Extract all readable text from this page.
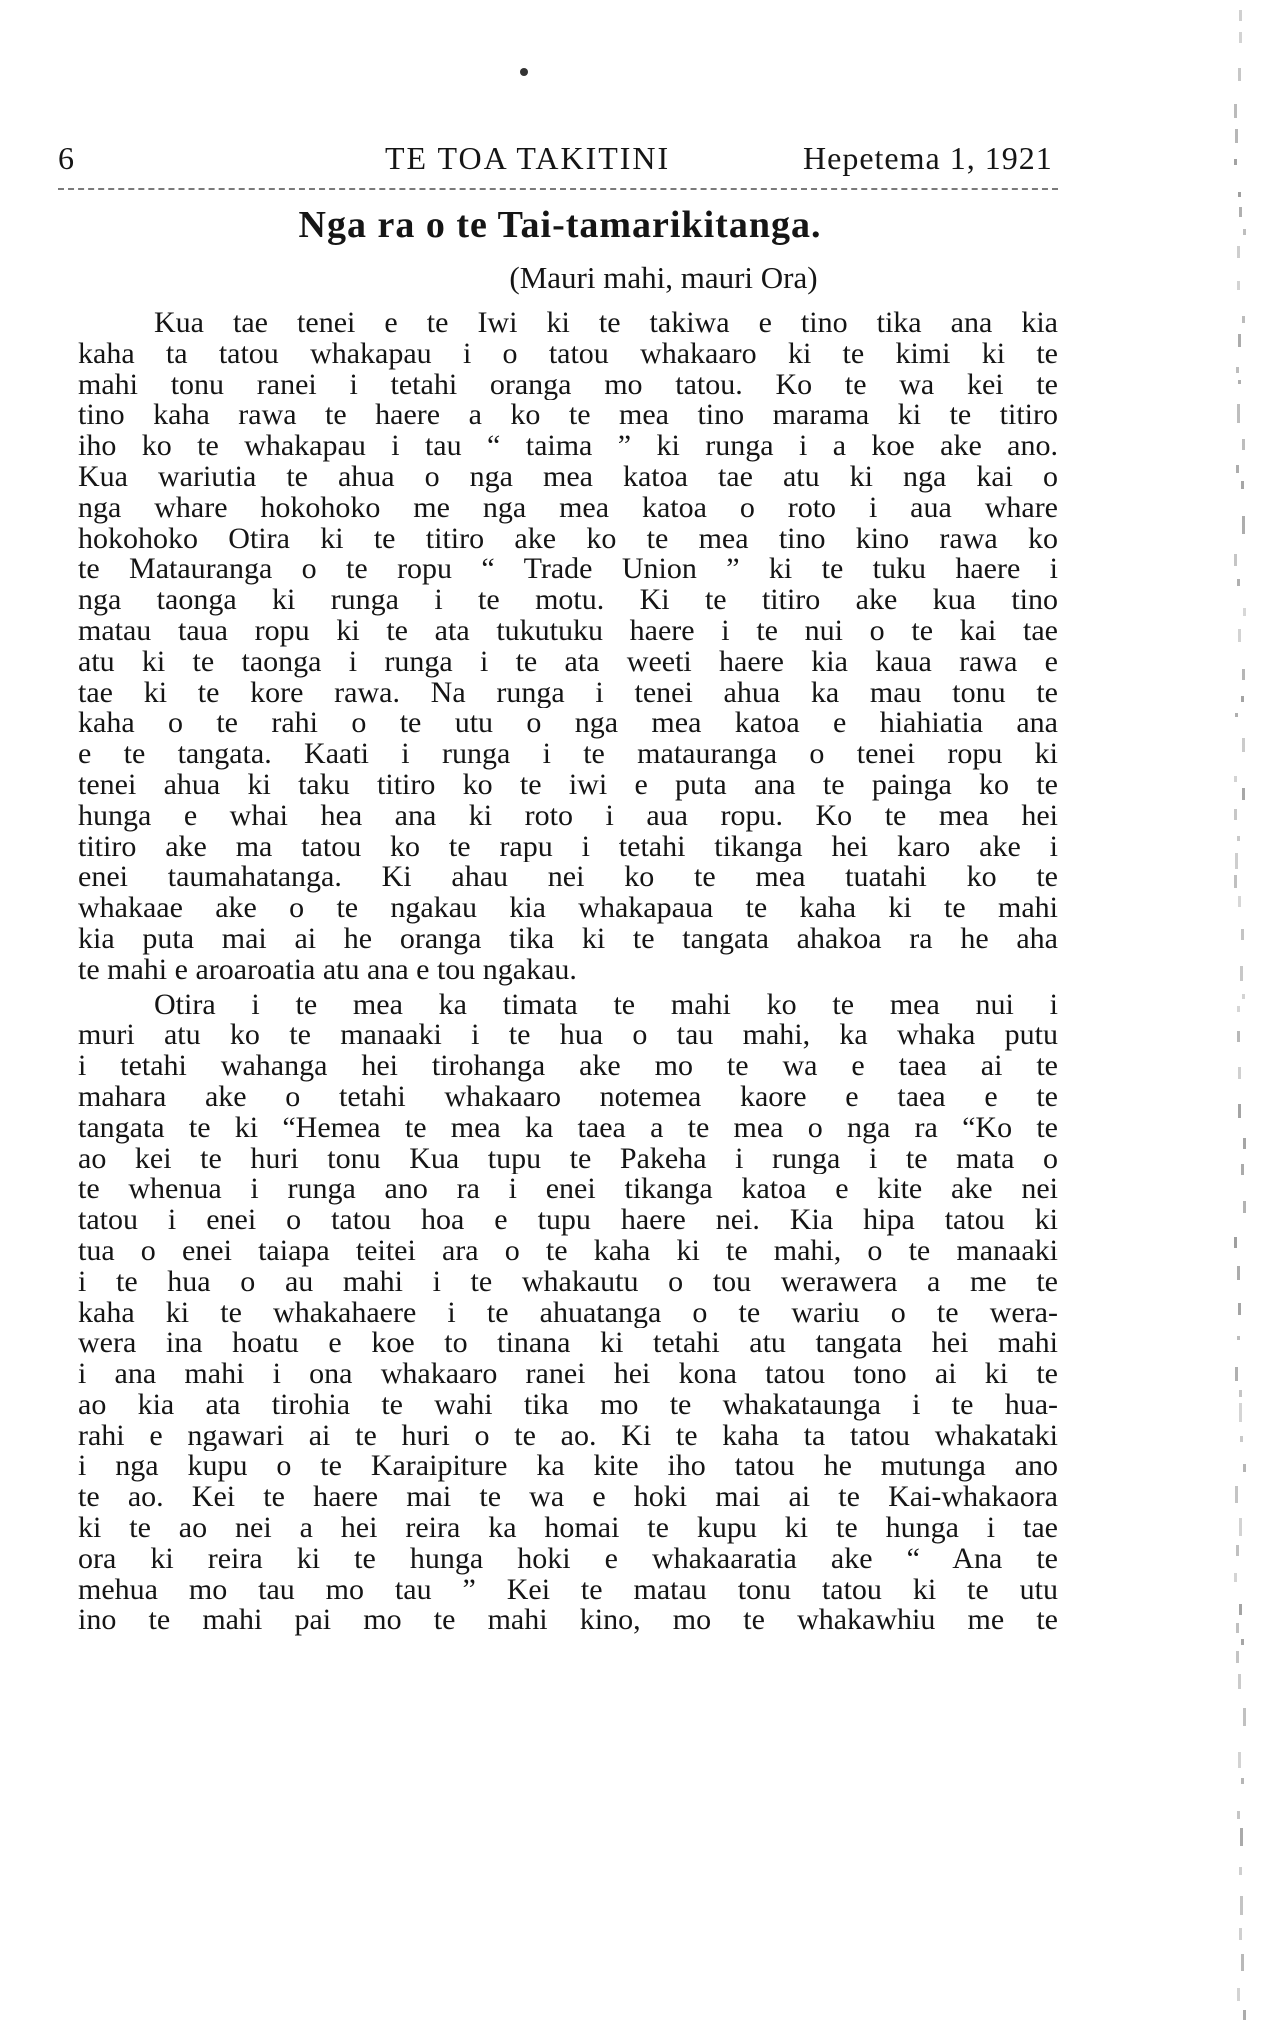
6	TE TOA TAKITINI	Hepetema 1, 1921
Nga ra o te Tai-tamarikitanga.
(Mauri mahi, mauri Ora)
Kua tae tenei e te Iwi ki te takiwa e tino tika ana kia
kaha ta tatou whakapau i o tatou whakaaro ki te kimi ki te
mahi tonu ranei i tetahi oranga mo tatou. Ko te wa kei te
tino kaha rawa te haere a ko te mea tino marama ki te titiro
iho ko te whakapau i tau “ taima ” ki runga i a koe ake ano.
Kua wariutia te ahua o nga mea katoa tae atu ki nga kai o
nga whare hokohoko me nga mea katoa o roto i aua whare
hokohoko Otira ki te titiro ake ko te mea tino kino rawa ko
te Matauranga o te ropu “ Trade Union ” ki te tuku haere i
nga taonga ki runga i te motu. Ki te titiro ake kua tino
matau taua ropu ki te ata tukutuku haere i te nui o te kai tae
atu ki te taonga i runga i te ata weeti haere kia kaua rawa e
tae ki te kore rawa. Na runga i tenei ahua ka mau tonu te
kaha o te rahi o te utu o nga mea katoa e hiahiatia ana
e te tangata. Kaati i runga i te matauranga o tenei ropu ki
tenei ahua ki taku titiro ko te iwi e puta ana te painga ko te
hunga e whai hea ana ki roto i aua ropu. Ko te mea hei
titiro ake ma tatou ko te rapu i tetahi tikanga hei karo ake i
enei taumahatanga. Ki ahau nei ko te mea tuatahi ko te
whakaae ake o te ngakau kia whakapaua te kaha ki te mahi
kia puta mai ai he oranga tika ki te tangata ahakoa ra he aha
te mahi e aroaroatia atu ana e tou ngakau.
Otira i te mea ka timata te mahi ko te mea nui i
muri atu ko te manaaki i te hua o tau mahi, ka whaka putu
i tetahi wahanga hei tirohanga ake mo te wa e taea ai te
mahara ake o tetahi whakaaro notemea kaore e taea e te
tangata te ki “Hemea te mea ka taea a te mea o nga ra “Ko te
ao kei te huri tonu Kua tupu te Pakeha i runga i te mata o
te whenua i runga ano ra i enei tikanga katoa e kite ake nei
tatou i enei o tatou hoa e tupu haere nei. Kia hipa tatou ki
tua o enei taiapa teitei ara o te kaha ki te mahi, o te manaaki
i te hua o au mahi i te whakautu o tou werawera a me te
kaha ki te whakahaere i te ahuatanga o te wariu o te wera-
wera ina hoatu e koe to tinana ki tetahi atu tangata hei mahi
i ana mahi i ona whakaaro ranei hei kona tatou tono ai ki te
ao kia ata tirohia te wahi tika mo te whakataunga i te hua-
rahi e ngawari ai te huri o te ao. Ki te kaha ta tatou whakataki
i nga kupu o te Karaipiture ka kite iho tatou he mutunga ano
te ao. Kei te haere mai te wa e hoki mai ai te Kai-whakaora
ki te ao nei a hei reira ka homai te kupu ki te hunga i tae
ora ki reira ki te hunga hoki e whakaaratia ake “ Ana te
mehua mo tau mo tau ” Kei te matau tonu tatou ki te utu
ino te mahi pai mo te mahi kino, mo te whakawhiu me te
